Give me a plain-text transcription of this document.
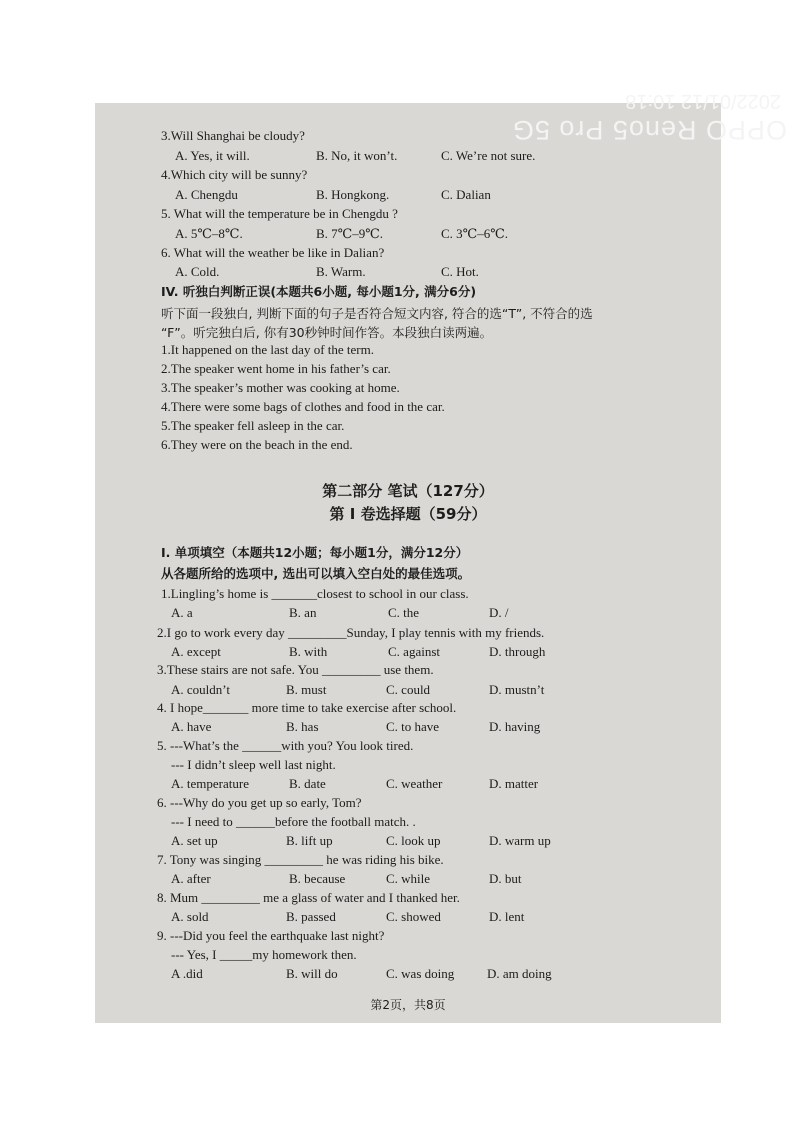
OPPO Reno5 Pro 5G
2022/01/12 10:18
3.Will Shanghai be cloudy?
A. Yes, it will.	B. No, it won’t.	C. We’re not sure.
4.Which city will be sunny?
A. Chengdu	B. Hongkong.	C. Dalian
5. What will the temperature be in Chengdu ?
A. 5℃–8℃.	B. 7℃–9℃.	C. 3℃–6℃.
6. What will the weather be like in Dalian?
A. Cold.	B. Warm.	C. Hot.
IV. 听独白判断正误(本题共6小题, 每小题1分, 满分6分)
听下面一段独白, 判断下面的句子是否符合短文内容, 符合的选“T”, 不符合的选
“F”。听完独白后, 你有30秒钟时间作答。本段独白读两遍。
1.It happened on the last day of the term.
2.The speaker went home in his father’s car.
3.The speaker’s mother was cooking at home.
4.There were some bags of clothes and food in the car.
5.The speaker fell asleep in the car.
6.They were on the beach in the end.
第二部分 笔试（127分）
第 Ⅰ 卷选择题（59分）
Ⅰ. 单项填空（本题共12小题；每小题1分，满分12分）
从各题所给的选项中, 选出可以填入空白处的最佳选项。
1.Lingling’s home is _______closest to school in our class.
A. a	B. an	C. the	D. /
2.I go to work every day _________Sunday, I play tennis with my friends.
A. except	B. with	C. against	D. through
3.These stairs are not safe. You _________ use them.
A. couldn’t	B. must	C. could	D. mustn’t
4. I hope_______ more time to take exercise after school.
A. have	B. has	C. to have	D. having
5. ---What’s the ______with you? You look tired.
--- I didn’t sleep well last night.
A. temperature	B. date	C. weather	D. matter
6. ---Why do you get up so early, Tom?
--- I need to ______before the football match. .
A. set up	B. lift up	C. look up	D. warm up
7. Tony was singing _________ he was riding his bike.
A. after	B. because	C. while	D. but
8. Mum _________ me a glass of water and I thanked her.
A. sold	B. passed	C. showed	D. lent
9. ---Did you feel the earthquake last night?
--- Yes, I _____my homework then.
A .did	B. will do	C. was doing	D. am doing
第2页，共8页
